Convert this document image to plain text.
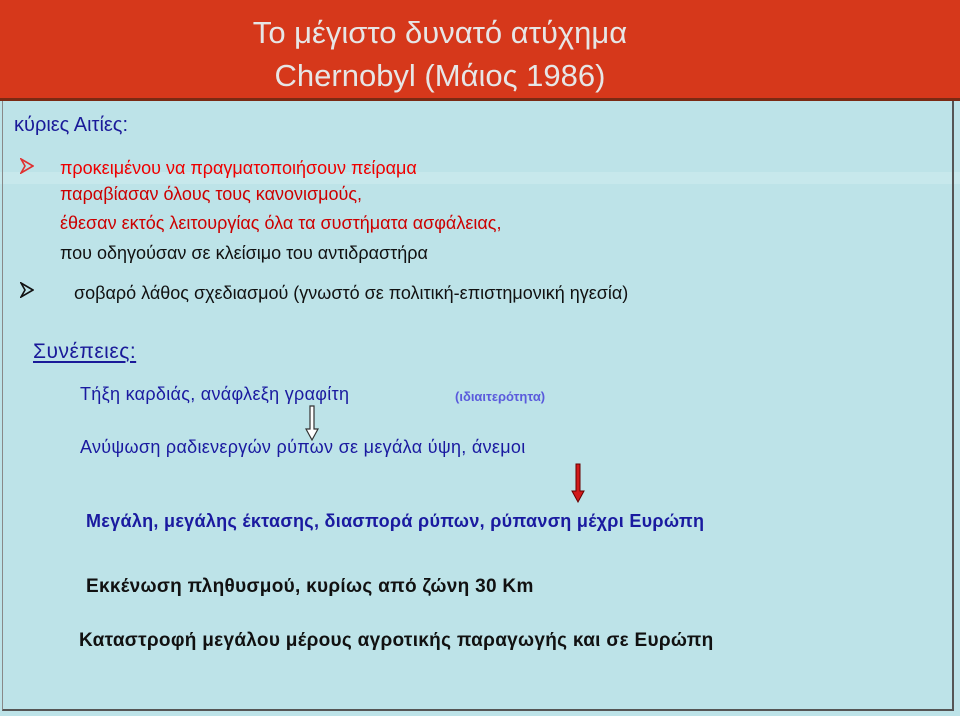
Το μέγιστο δυνατό ατύχημα
Chernobyl (Μάιος 1986)
κύριες Αιτίες:
προκειμένου να πραγματοποιήσουν πείραμα
παραβίασαν όλους τους κανονισμούς,
έθεσαν εκτός λειτουργίας όλα τα συστήματα ασφάλειας,
που οδηγούσαν σε κλείσιμο του αντιδραστήρα
σοβαρό λάθος σχεδιασμού (γνωστό σε πολιτική-επιστημονική ηγεσία)
Συνέπειες:
Τήξη καρδιάς, ανάφλεξη γραφίτη	(ιδιαιτερότητα)
Ανύψωση ραδιενεργών ρύπων σε μεγάλα ύψη, άνεμοι
Μεγάλη, μεγάλης έκτασης, διασπορά ρύπων, ρύπανση μέχρι Ευρώπη
Εκκένωση πληθυσμού, κυρίως από ζώνη 30 Km
Καταστροφή μεγάλου μέρους αγροτικής παραγωγής και σε Ευρώπη
